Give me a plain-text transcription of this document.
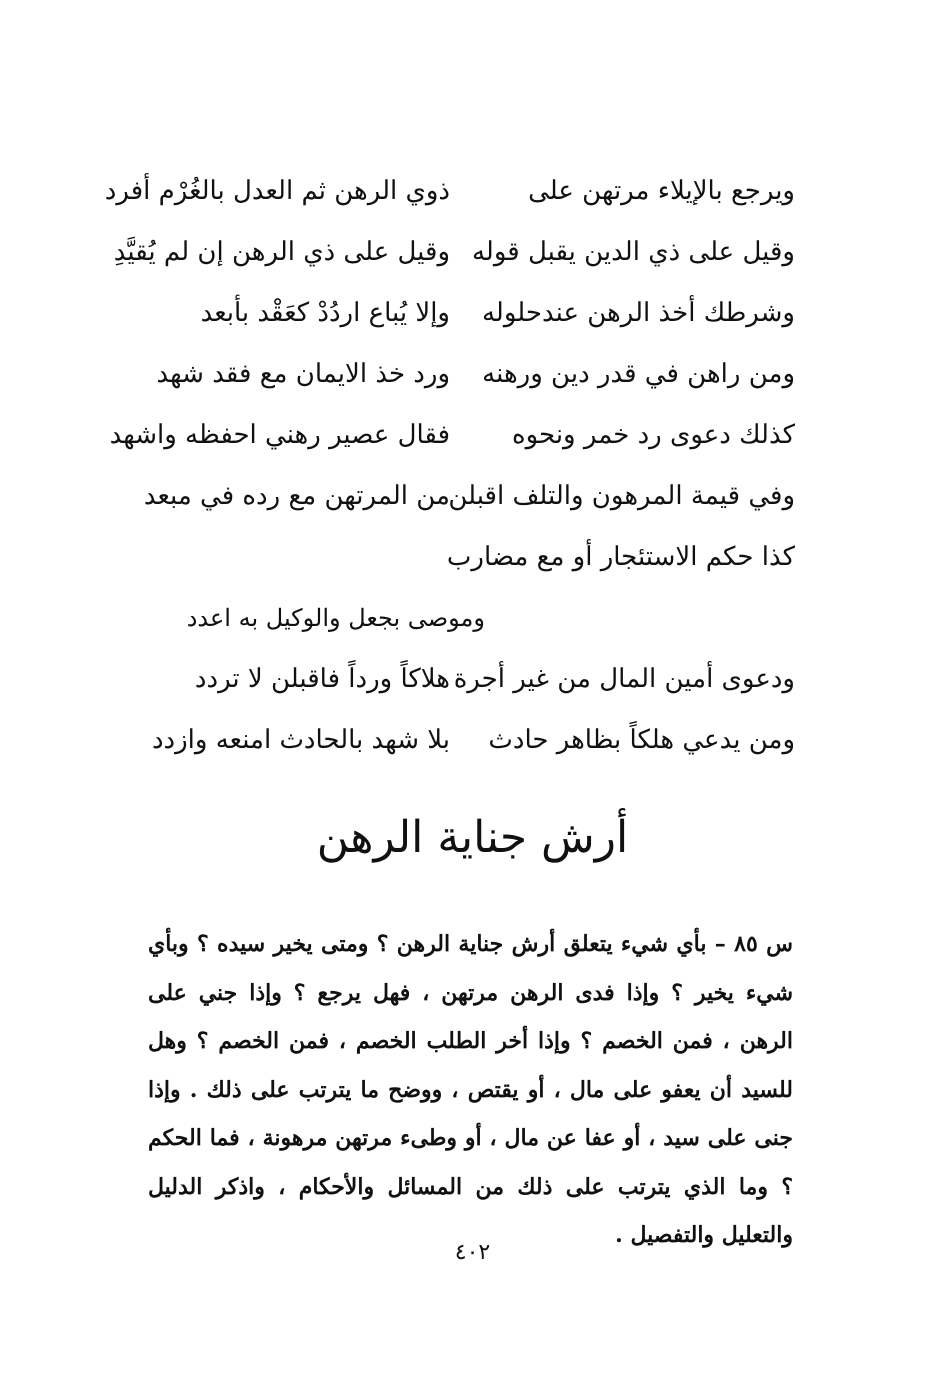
ويرجع بالإيلاء مرتهن على
ذوي الرهن ثم العدل بالغُرْم أفرد
وقيل على ذي الدين يقبل قوله
وقيل على ذي الرهن إن لم يُقيَّدِ
وشرطك أخذ الرهن عندحلوله
وإلا يُباع اردُدْ كعَقْد بأبعد
ومن راهن في قدر دين ورهنه
ورد خذ الايمان مع فقد شهد
كذلك دعوى رد خمر ونحوه
فقال عصير رهني احفظه واشهد
وفي قيمة المرهون والتلف اقبلن
من المرتهن مع رده في مبعد
كذا حكم الاستئجار أو مع مضارب
وموصى بجعل والوكيل به اعدد
ودعوى أمين المال من غير أجرة
هلاكاً ورداً فاقبلن لا تردد
ومن يدعي هلكاً بظاهر حادث
بلا شهد بالحادث امنعه وازدد
أرش جناية الرهن
س ٨٥ – بأي شيء يتعلق أرش جناية الرهن ؟ ومتى يخير سيده ؟ وبأي شيء يخير ؟ وإذا فدى الرهن مرتهن ، فهل يرجع ؟ وإذا جني على الرهن ، فمن الخصم ؟ وإذا أخر الطلب الخصم ، فمن الخصم ؟ وهل للسيد أن يعفو على مال ، أو يقتص ، ووضح ما يترتب على ذلك . وإذا جنى على سيد ، أو عفا عن مال ، أو وطىء مرتهن مرهونة ، فما الحكم ؟ وما الذي يترتب على ذلك من المسائل والأحكام ، واذكر الدليل والتعليل والتفصيل .
٤٠٢
